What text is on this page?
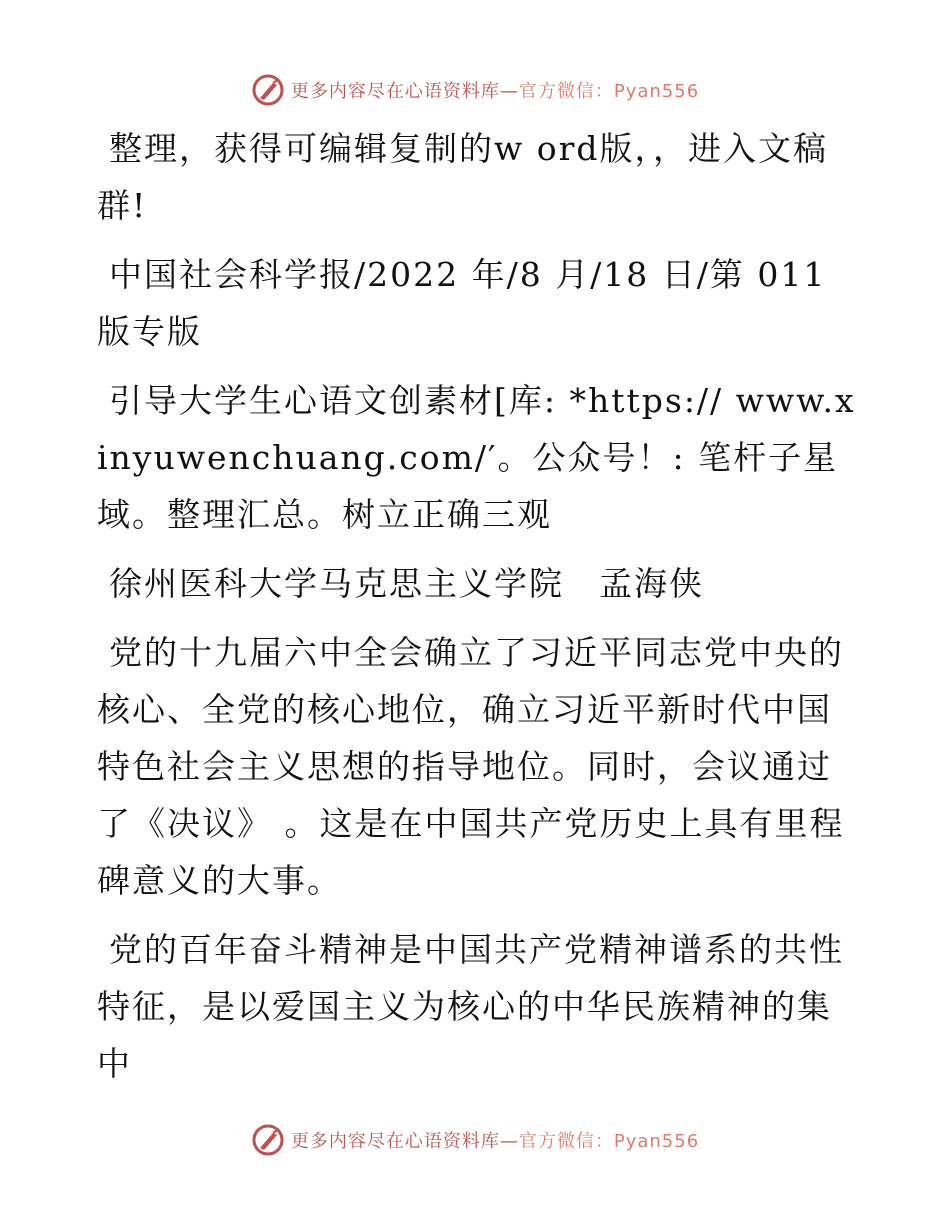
更多内容尽在心语资料库—官方微信：Pyan556

整理，获得可编辑复制的w ord版，，进入文稿群!

中国社会科学报/2022 年/8 月/18 日/第 011 版专版

引导大学生心语文创素材[库: *https:// www.xinyuwenchuang.com/′。公众号！: 笔杆子星域。整理汇总。树立正确三观

徐州医科大学马克思主义学院　孟海侠

党的十九届六中全会确立了习近平同志党中央的核心、全党的核心地位，确立习近平新时代中国特色社会主义思想的指导地位。同时，会议通过了《决议》 。这是在中国共产党历史上具有里程碑意义的大事。

党的百年奋斗精神是中国共产党精神谱系的共性特征，是以爱国主义为核心的中华民族精神的集中

更多内容尽在心语资料库—官方微信：Pyan556
